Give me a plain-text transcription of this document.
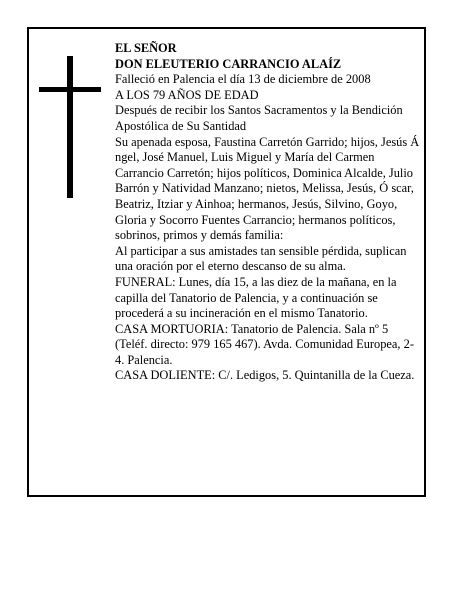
EL SEÑOR

DON ELEUTERIO CARRANCIO ALAÍZ

Falleció en Palencia el día 13 de diciembre de 2008

A LOS 79 AÑOS DE EDAD

Después de recibir los Santos Sacramentos y la Bendición Apostólica de Su Santidad

Su apenada esposa, Faustina Carretón Garrido; hijos, Jesús Á ngel, José Manuel, Luis Miguel y María del Carmen Carrancio Carretón; hijos políticos, Dominica Alcalde, Julio Barrón y Natividad Manzano; nietos, Melissa, Jesús, Ó scar, Beatriz, Itziar y Ainhoa; hermanos, Jesús, Silvino, Goyo, Gloria y Socorro Fuentes Carrancio; hermanos políticos, sobrinos, primos y demás familia:

Al participar a sus amistades tan sensible pérdida, suplican una oración por el eterno descanso de su alma.

FUNERAL: Lunes, día 15, a las diez de la mañana, en la capilla del Tanatorio de Palencia, y a continuación se procederá a su incineración en el mismo Tanatorio.

CASA MORTUORIA: Tanatorio de Palencia. Sala nº 5 (Teléf. directo: 979 165 467). Avda. Comunidad Europea, 2-4. Palencia.

CASA DOLIENTE: C/. Ledigos, 5. Quintanilla de la Cueza.
